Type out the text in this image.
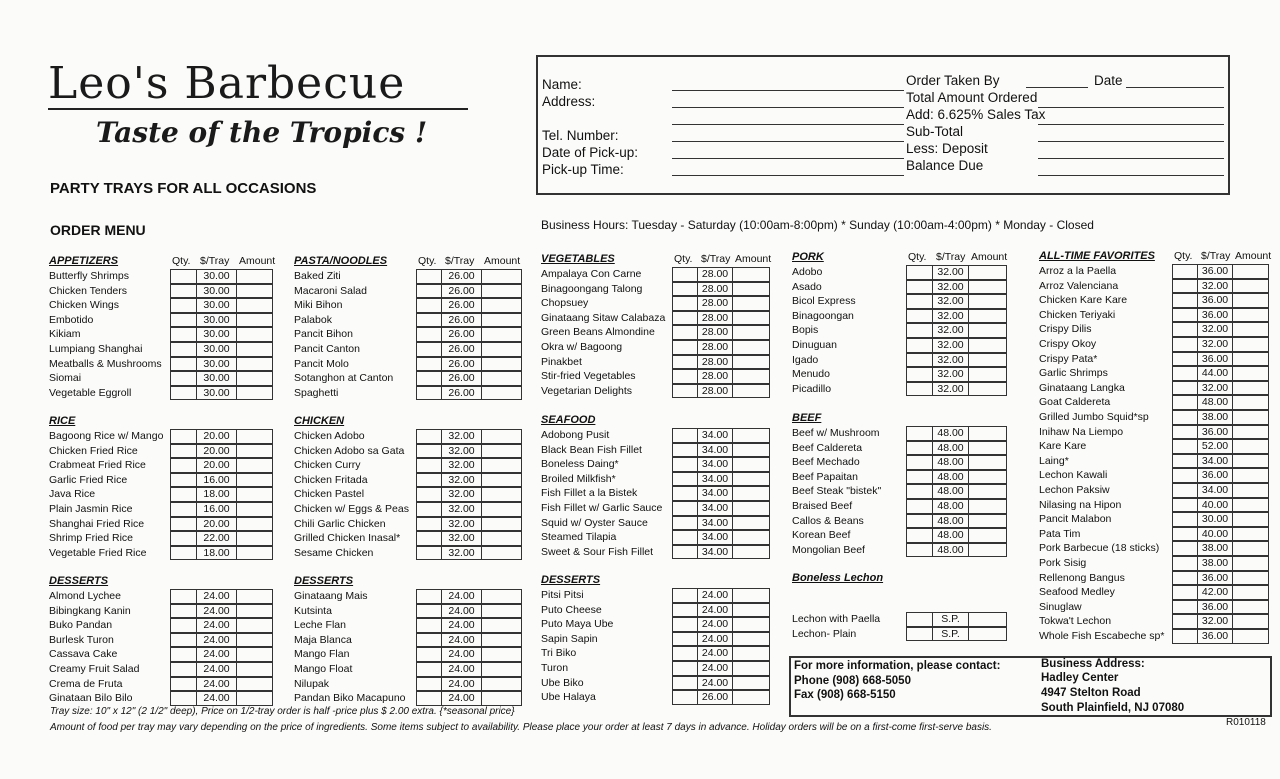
Leo's Barbecue
Taste of the Tropics !
PARTY TRAYS FOR ALL OCCASIONS
ORDER MENU	Business Hours: Tuesday - Saturday (10:00am-8:00pm) * Sunday (10:00am-4:00pm) * Monday - Closed
Name:
Address:
Tel. Number:
Date of Pick-up:
Pick-up Time:
Order Taken By	Date
Total Amount Ordered
Add: 6.625% Sales Tax
Sub-Total
Less: Deposit
Balance Due
APPETIZERS	Qty. $/Tray Amount
Butterfly Shrimps	30.00
Chicken Tenders	30.00
Chicken Wings	30.00
Embotido	30.00
Kikiam	30.00
Lumpiang Shanghai	30.00
Meatballs & Mushrooms	30.00
Siomai	30.00
Vegetable Eggroll	30.00
RICE
Bagoong Rice w/ Mango	20.00
Chicken Fried Rice	20.00
Crabmeat Fried Rice	20.00
Garlic Fried Rice	16.00
Java Rice	18.00
Plain Jasmin Rice	16.00
Shanghai Fried Rice	20.00
Shrimp Fried Rice	22.00
Vegetable Fried Rice	18.00
DESSERTS
Almond Lychee	24.00
Bibingkang Kanin	24.00
Buko Pandan	24.00
Burlesk Turon	24.00
Cassava Cake	24.00
Creamy Fruit Salad	24.00
Crema de Fruta	24.00
Ginataan Bilo Bilo	24.00
PASTA/NOODLES	Qty. $/Tray Amount
Baked Ziti	26.00
Macaroni Salad	26.00
Miki Bihon	26.00
Palabok	26.00
Pancit Bihon	26.00
Pancit Canton	26.00
Pancit Molo	26.00
Sotanghon at Canton	26.00
Spaghetti	26.00
CHICKEN
Chicken Adobo	32.00
Chicken Adobo sa Gata	32.00
Chicken Curry	32.00
Chicken Fritada	32.00
Chicken Pastel	32.00
Chicken w/ Eggs & Peas	32.00
Chili Garlic Chicken	32.00
Grilled Chicken Inasal*	32.00
Sesame Chicken	32.00
DESSERTS
Ginataang Mais	24.00
Kutsinta	24.00
Leche Flan	24.00
Maja Blanca	24.00
Mango Flan	24.00
Mango Float	24.00
Nilupak	24.00
Pandan Biko Macapuno	24.00
VEGETABLES	Qty. $/Tray Amount
Ampalaya Con Carne	28.00
Binagoongang Talong	28.00
Chopsuey	28.00
Ginataang Sitaw Calabaza	28.00
Green Beans Almondine	28.00
Okra w/ Bagoong	28.00
Pinakbet	28.00
Stir-fried Vegetables	28.00
Vegetarian Delights	28.00
SEAFOOD
Adobong Pusit	34.00
Black Bean Fish Fillet	34.00
Boneless Daing*	34.00
Broiled Milkfish*	34.00
Fish Fillet a la Bistek	34.00
Fish Fillet w/ Garlic Sauce	34.00
Squid w/ Oyster Sauce	34.00
Steamed Tilapia	34.00
Sweet & Sour Fish Fillet	34.00
DESSERTS
Pitsi Pitsi	24.00
Puto Cheese	24.00
Puto Maya Ube	24.00
Sapin Sapin	24.00
Tri Biko	24.00
Turon	24.00
Ube Biko	24.00
Ube Halaya	26.00
PORK	Qty. $/Tray Amount
Adobo	32.00
Asado	32.00
Bicol Express	32.00
Binagoongan	32.00
Bopis	32.00
Dinuguan	32.00
Igado	32.00
Menudo	32.00
Picadillo	32.00
BEEF
Beef w/ Mushroom	48.00
Beef Caldereta	48.00
Beef Mechado	48.00
Beef Papaitan	48.00
Beef Steak "bistek"	48.00
Braised Beef	48.00
Callos & Beans	48.00
Korean Beef	48.00
Mongolian Beef	48.00
Boneless Lechon
Lechon with Paella	S.P.
Lechon- Plain	S.P.
ALL-TIME FAVORITES Qty. $/Tray Amount
Arroz a la Paella	36.00
Arroz Valenciana	32.00
Chicken Kare Kare	36.00
Chicken Teriyaki	36.00
Crispy Dilis	32.00
Crispy Okoy	32.00
Crispy Pata*	36.00
Garlic Shrimps	44.00
Ginataang Langka	32.00
Goat Caldereta	48.00
Grilled Jumbo Squid*sp	38.00
Inihaw Na Liempo	36.00
Kare Kare	52.00
Laing*	34.00
Lechon Kawali	36.00
Lechon Paksiw	34.00
Nilasing na Hipon	40.00
Pancit Malabon	30.00
Pata Tim	40.00
Pork Barbecue (18 sticks)	38.00
Pork Sisig	38.00
Rellenong Bangus	36.00
Seafood Medley	42.00
Sinuglaw	36.00
Tokwa't Lechon	32.00
Whole Fish Escabeche sp*	36.00
For more information, please contact:
Phone (908) 668-5050
Fax (908) 668-5150
Business Address:
Hadley Center
4947 Stelton Road
South Plainfield, NJ 07080
Tray size: 10" x 12" (2 1/2" deep), Price on 1/2-tray order is half -price plus $ 2.00 extra. {*seasonal price}
Amount of food per tray may vary depending on the price of ingredients. Some items subject to availability. Please place your order at least 7 days in advance. Holiday orders will be on a first-come first-serve basis.	R010118
